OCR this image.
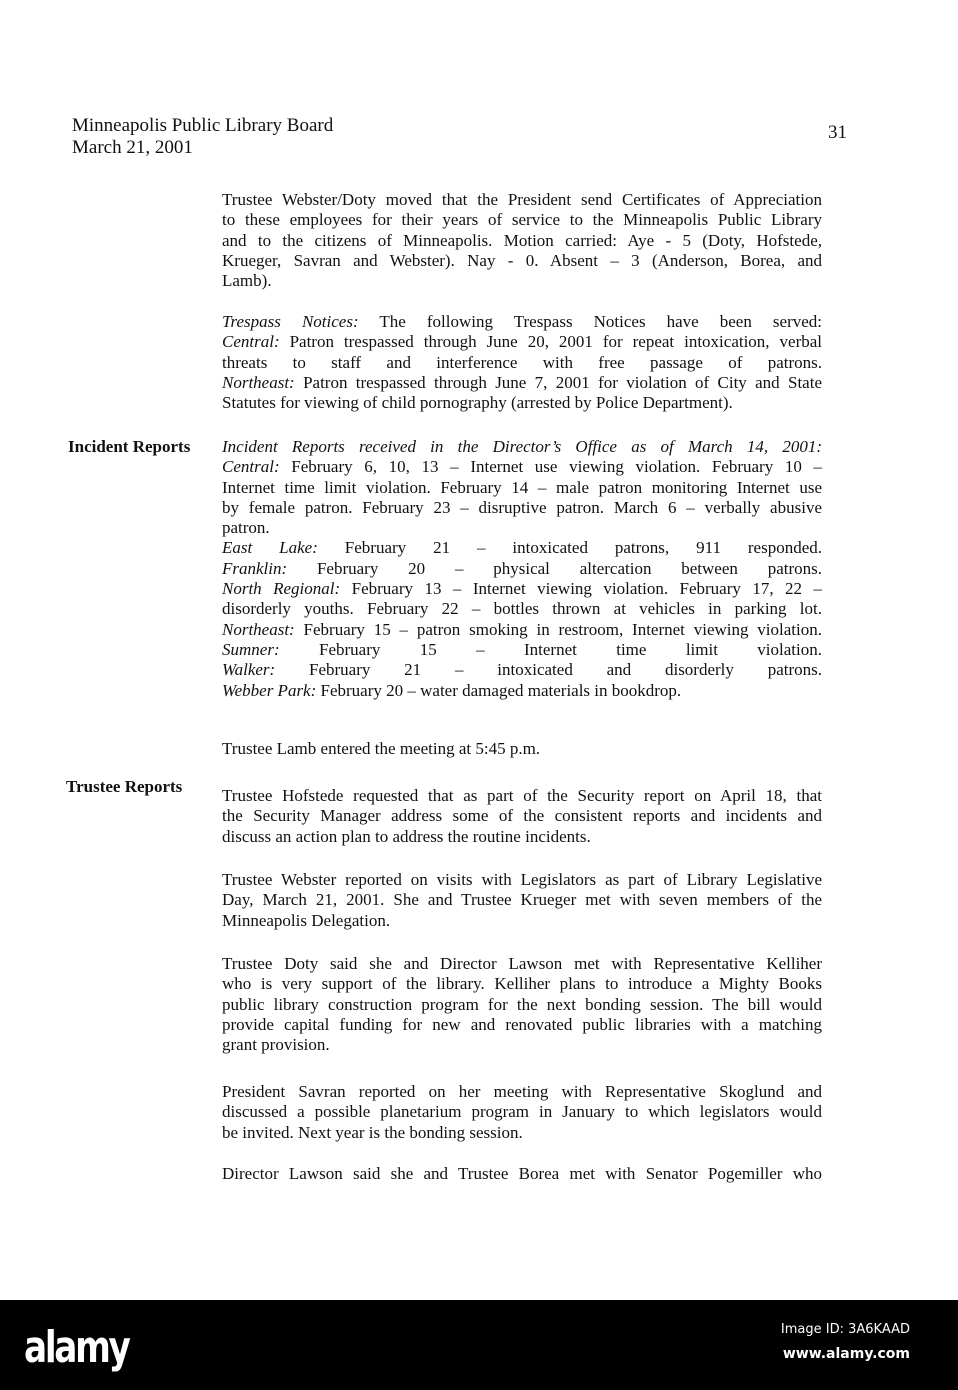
Minneapolis Public Library Board
March 21, 2001
31
Incident Reports
Trustee Reports
Trustee Webster/Doty moved that the President send Certificates of Appreciation
to these employees for their years of service to the Minneapolis Public Library
and to the citizens of Minneapolis. Motion carried: Aye - 5 (Doty, Hofstede,
Krueger, Savran and Webster). Nay - 0. Absent – 3 (Anderson, Borea, and
Lamb).
Trespass Notices: The following Trespass Notices have been served:
Central: Patron trespassed through June 20, 2001 for repeat intoxication, verbal
threats to staff and interference with free passage of patrons.
Northeast: Patron trespassed through June 7, 2001 for violation of City and State
Statutes for viewing of child pornography (arrested by Police Department).
Incident Reports received in the Director’s Office as of March 14, 2001:
Central: February 6, 10, 13 – Internet use viewing violation. February 10 –
Internet time limit violation. February 14 – male patron monitoring Internet use
by female patron. February 23 – disruptive patron. March 6 – verbally abusive
patron.
East Lake: February 21 – intoxicated patrons, 911 responded.
Franklin: February 20 – physical altercation between patrons.
North Regional: February 13 – Internet viewing violation. February 17, 22 –
disorderly youths. February 22 – bottles thrown at vehicles in parking lot.
Northeast: February 15 – patron smoking in restroom, Internet viewing violation.
Sumner: February 15 – Internet time limit violation.
Walker: February 21 – intoxicated and disorderly patrons.
Webber Park: February 20 – water damaged materials in bookdrop.
Trustee Lamb entered the meeting at 5:45 p.m.
Trustee Hofstede requested that as part of the Security report on April 18, that
the Security Manager address some of the consistent reports and incidents and
discuss an action plan to address the routine incidents.
Trustee Webster reported on visits with Legislators as part of Library Legislative
Day, March 21, 2001. She and Trustee Krueger met with seven members of the
Minneapolis Delegation.
Trustee Doty said she and Director Lawson met with Representative Kelliher
who is very support of the library. Kelliher plans to introduce a Mighty Books
public library construction program for the next bonding session. The bill would
provide capital funding for new and renovated public libraries with a matching
grant provision.
President Savran reported on her meeting with Representative Skoglund and
discussed a possible planetarium program in January to which legislators would
be invited. Next year is the bonding session.
Director Lawson said she and Trustee Borea met with Senator Pogemiller who
alamy	Image ID: 3A6KAAD
www.alamy.com
